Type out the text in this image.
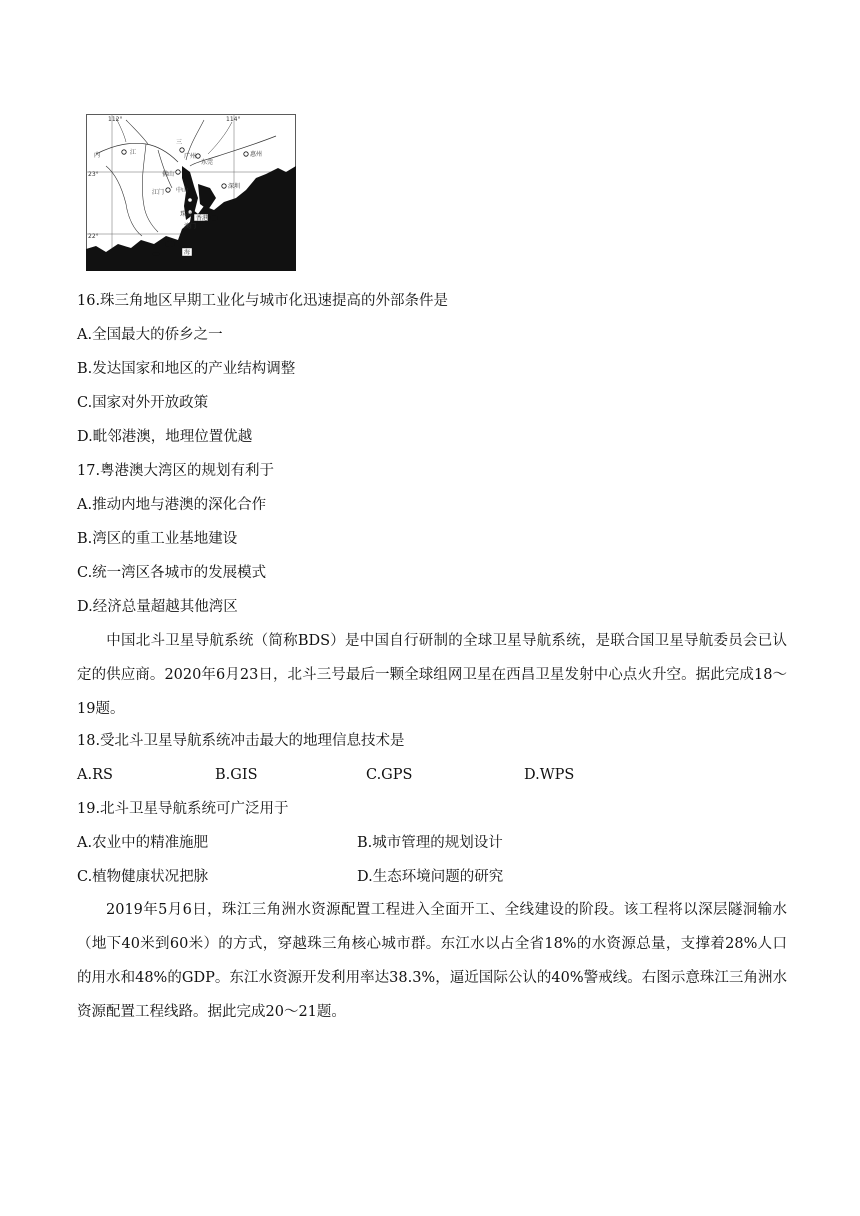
112°	114°
23°
22°
内	江
三
广州
东莞
惠州
佛山
中山
江门
深圳
珠海
香港
澳门
海
16.珠三角地区早期工业化与城市化迅速提高的外部条件是
A.全国最大的侨乡之一
B.发达国家和地区的产业结构调整
C.国家对外开放政策
D.毗邻港澳，地理位置优越
17.粤港澳大湾区的规划有利于
A.推动内地与港澳的深化合作
B.湾区的重工业基地建设
C.统一湾区各城市的发展模式
D.经济总量超越其他湾区
中国北斗卫星导航系统（简称BDS）是中国自行研制的全球卫星导航系统，是联合国卫星导航委员会已认定的供应商。2020年6月23日，北斗三号最后一颗全球组网卫星在西昌卫星发射中心点火升空。据此完成18～19题。
18.受北斗卫星导航系统冲击最大的地理信息技术是
A.RS	B.GIS	C.GPS	D.WPS
19.北斗卫星导航系统可广泛用于
A.农业中的精准施肥	B.城市管理的规划设计
C.植物健康状况把脉	D.生态环境问题的研究
2019年5月6日，珠江三角洲水资源配置工程进入全面开工、全线建设的阶段。该工程将以深层隧洞输水（地下40米到60米）的方式，穿越珠三角核心城市群。东江水以占全省18%的水资源总量，支撑着28%人口的用水和48%的GDP。东江水资源开发利用率达38.3%，逼近国际公认的40%警戒线。右图示意珠江三角洲水资源配置工程线路。据此完成20～21题。
